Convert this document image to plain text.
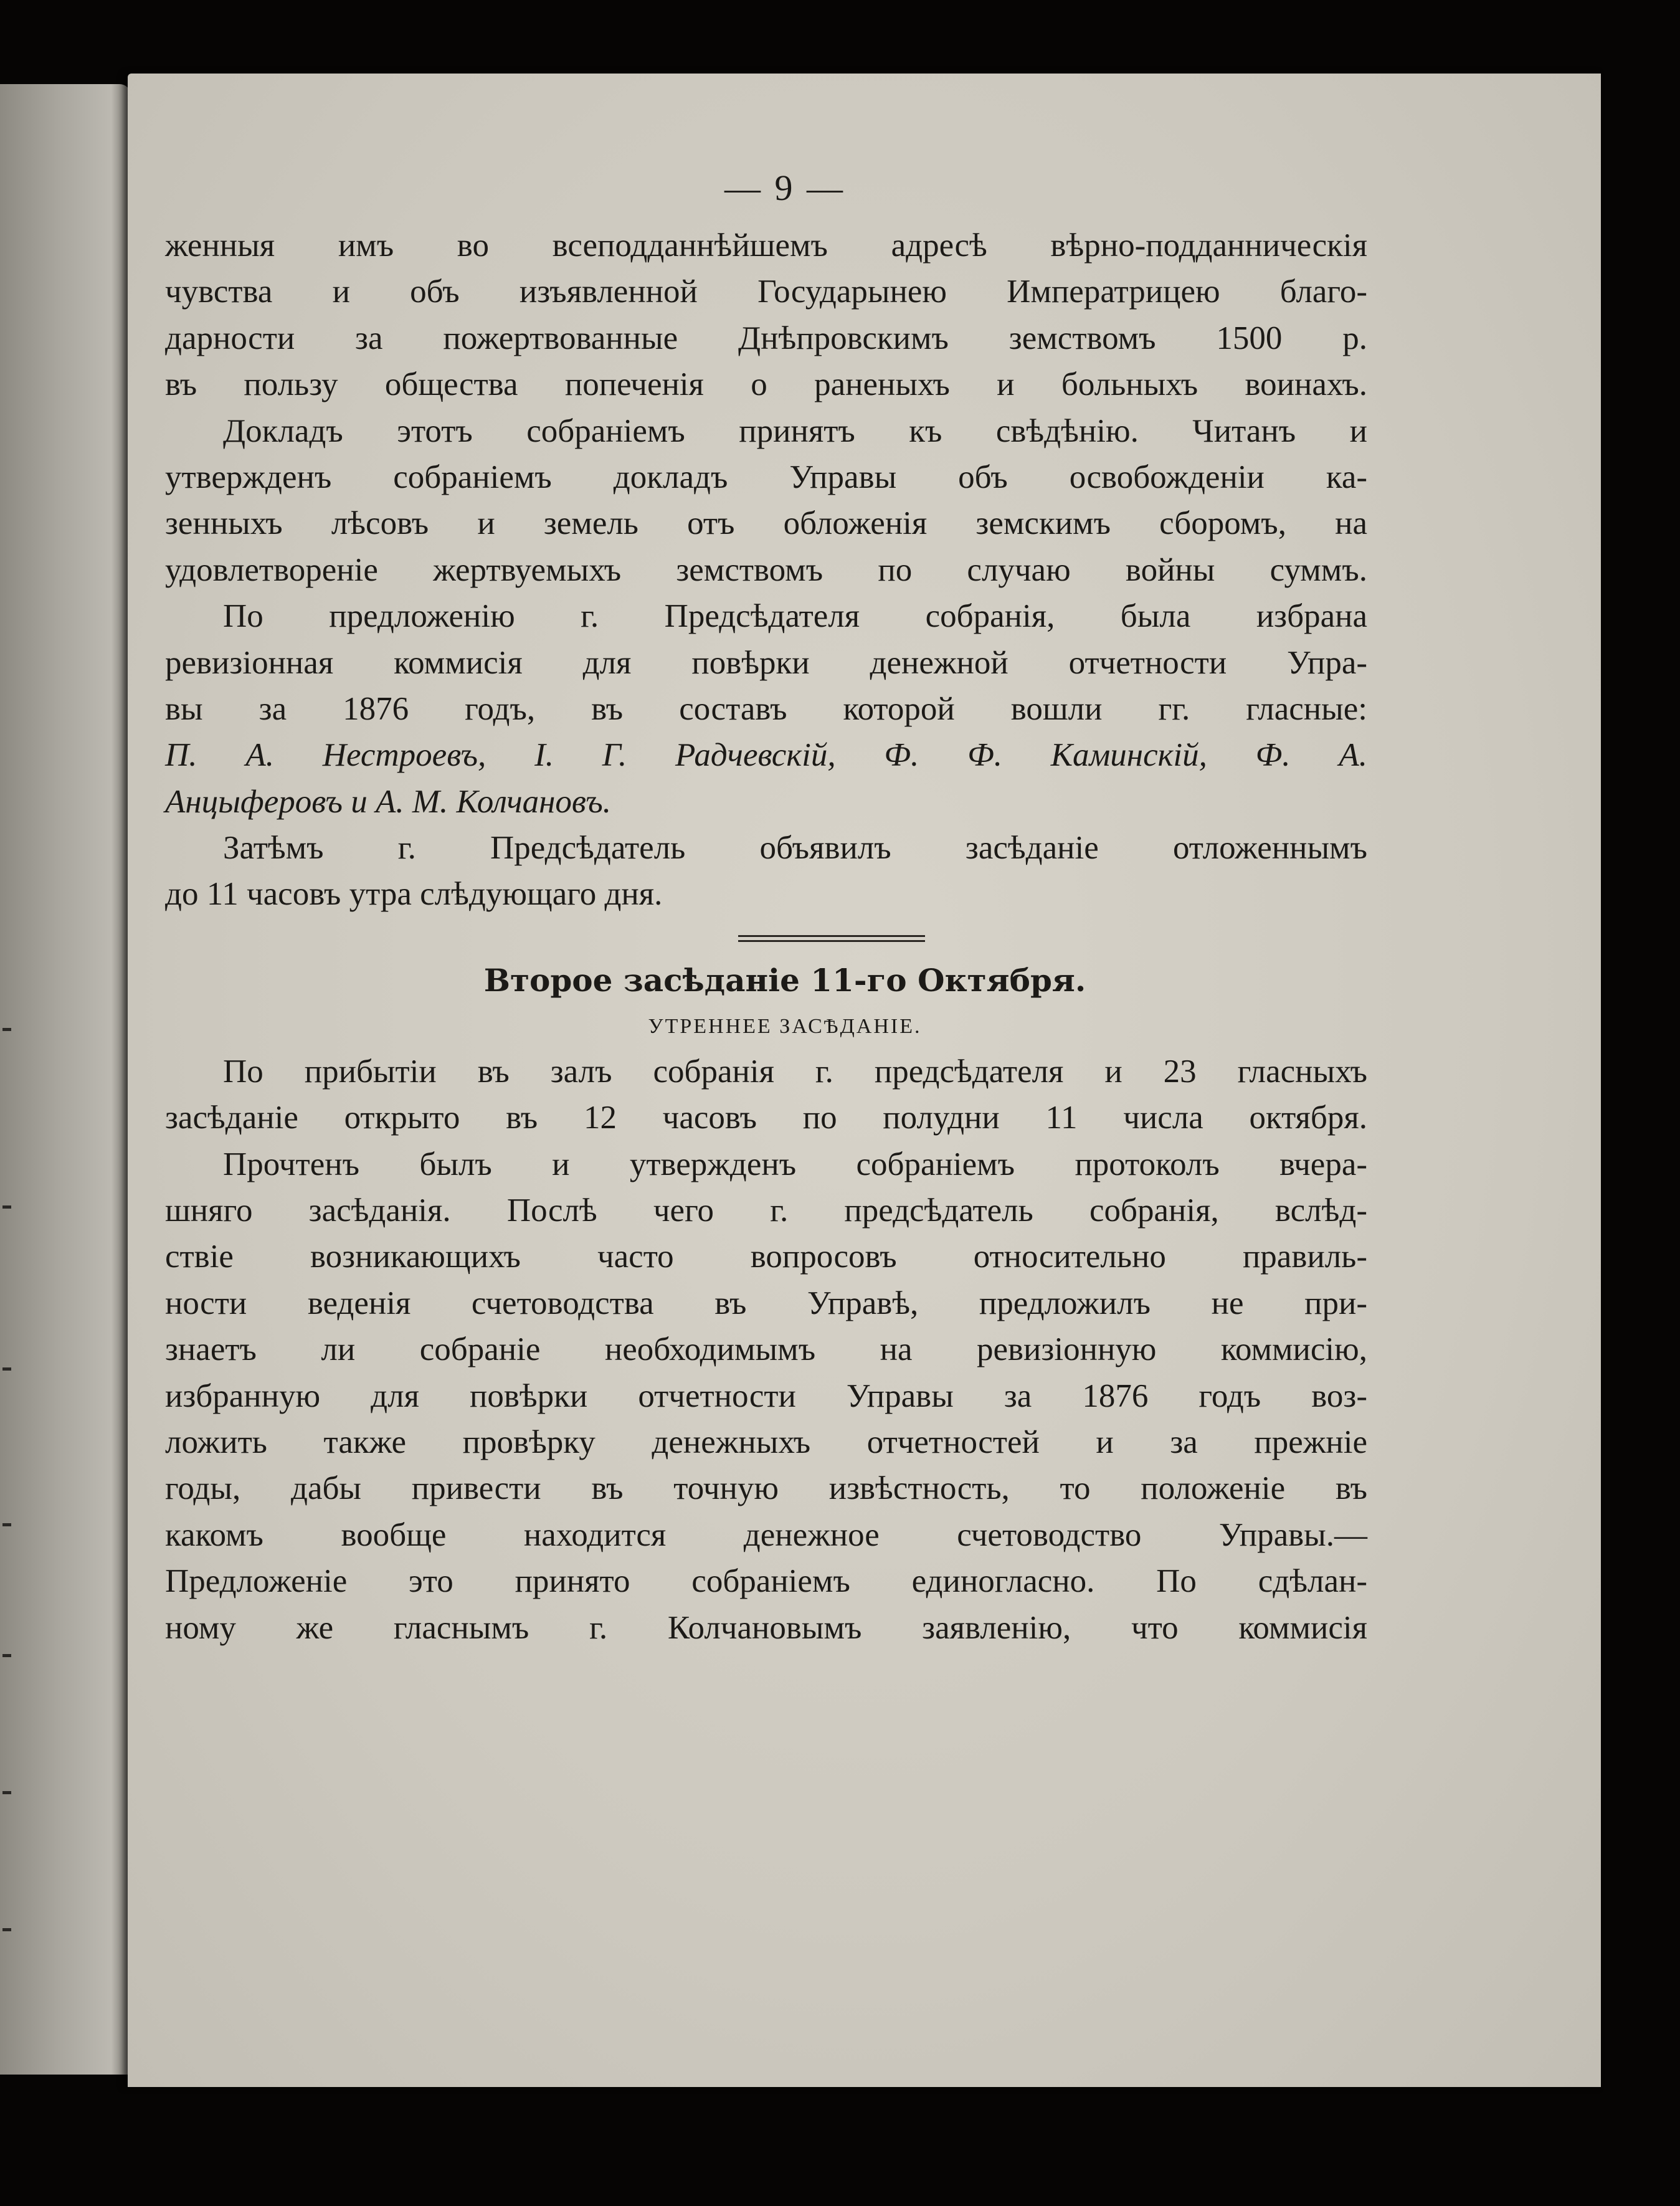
— 9 —
женныя имъ во всеподданнѣйшемъ адресѣ вѣрно-подданническія
чувства и объ изъявленной Государынею Императрицею благо-
дарности за пожертвованные Днѣпровскимъ земствомъ 1500 р.
въ пользу общества попеченія о раненыхъ и больныхъ воинахъ.
Докладъ этотъ собраніемъ принятъ къ свѣдѣнію. Читанъ и
утвержденъ собраніемъ докладъ Управы объ освобожденіи ка-
зенныхъ лѣсовъ и земель отъ обложенія земскимъ сборомъ, на
удовлетвореніе жертвуемыхъ земствомъ по случаю войны суммъ.
По предложенію г. Предсѣдателя собранія, была избрана
ревизіонная коммисія для повѣрки денежной отчетности Упра-
вы за 1876 годъ, въ составъ которой вошли гг. гласные:
П. А. Нестроевъ, І. Г. Радчевскій, Ф. Ф. Каминскій, Ф. А.
Анцыферовъ и А. М. Колчановъ.
Затѣмъ г. Предсѣдатель объявилъ засѣданіе отложеннымъ
до 11 часовъ утра слѣдующаго дня.
Второе засѣданіе 11-го Октября.
УТРЕННЕЕ ЗАСѢДАНІЕ.
По прибытіи въ залъ собранія г. предсѣдателя и 23 гласныхъ
засѣданіе открыто въ 12 часовъ по полудни 11 числа октября.
Прочтенъ былъ и утвержденъ собраніемъ протоколъ вчера-
шняго засѣданія. Послѣ чего г. предсѣдатель собранія, вслѣд-
ствіе возникающихъ часто вопросовъ относительно правиль-
ности веденія счетоводства въ Управѣ, предложилъ не при-
знаетъ ли собраніе необходимымъ на ревизіонную коммисію,
избранную для повѣрки отчетности Управы за 1876 годъ воз-
ложить также провѣрку денежныхъ отчетностей и за прежніе
годы, дабы привести въ точную извѣстность, то положеніе въ
какомъ вообще находится денежное счетоводство Управы.—
Предложеніе это принято собраніемъ единогласно. По сдѣлан-
ному же гласнымъ г. Колчановымъ заявленію, что коммисія
